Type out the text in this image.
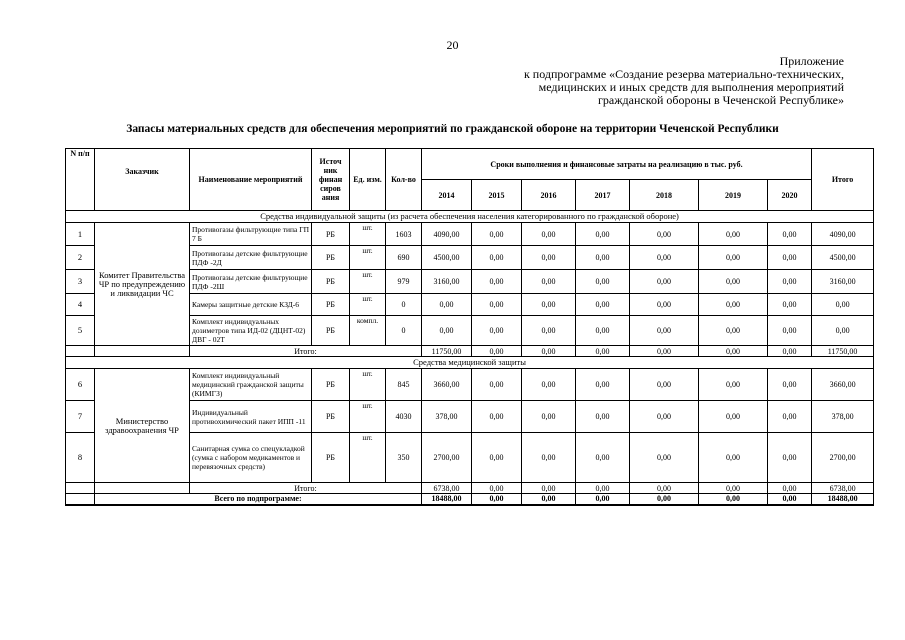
20
Приложение
к подпрограмме «Создание резерва материально-технических,
медицинских и иных средств для выполнения мероприятий
гражданской обороны в Чеченской Республике»
Запасы материальных средств для обеспечения мероприятий по гражданской обороне на территории Чеченской Республики
N п/п	Заказчик	Наименование мероприятий	Источ ник финан сиров ания	Ед. изм.	Кол-во	Сроки выполнения и финансовые затраты на реализацию в тыс. руб.							Итого
						2014	2015	2016	2017	2018	2019	2020	
Средства индивидуальной защиты (из расчета обеспечения населения категорированного по гражданской обороне)													
1	Комитет Правительства ЧР по предупреждению и ликвидации ЧС	Противогазы фильтрующие типа ГП 7 Б	РБ	шт.	1603	4090,00	0,00	0,00	0,00	0,00	0,00	0,00	4090,00
2		Противогазы детские фильтрующие ПДФ -2Д	РБ	шт.	690	4500,00	0,00	0,00	0,00	0,00	0,00	0,00	4500,00
3		Противогазы детские фильтрующие ПДФ -2Ш	РБ	шт.	979	3160,00	0,00	0,00	0,00	0,00	0,00	0,00	3160,00
4		Камеры защитные детские КЗД-6	РБ	шт.	0	0,00	0,00	0,00	0,00	0,00	0,00	0,00	0,00
5		Комплект индивидуальных дозиметров типа ИД-02 (ДЦНТ-02) ДВГ - 02Т	РБ	компл.	0	0,00	0,00	0,00	0,00	0,00	0,00	0,00	0,00
		Итого:				11750,00	0,00	0,00	0,00	0,00	0,00	0,00	11750,00
Средства медицинской защиты													
6	Министерство здравоохранения ЧР	Комплект индивидуальный медицинский гражданской защиты (КИМГЗ)	РБ	шт.	845	3660,00	0,00	0,00	0,00	0,00	0,00	0,00	3660,00
7		Индивидуальный противохимический пакет ИПП -11	РБ	шт.	4030	378,00	0,00	0,00	0,00	0,00	0,00	0,00	378,00
8		Санитарная сумка со спецукладкой (сумка с набором медикаментов и перевязочных средств)	РБ	шт.	350	2700,00	0,00	0,00	0,00	0,00	0,00	0,00	2700,00
		Итого:				6738,00	0,00	0,00	0,00	0,00	0,00	0,00	6738,00
	Всего по подпрограмме:					18488,00	0,00	0,00	0,00	0,00	0,00	0,00	18488,00
